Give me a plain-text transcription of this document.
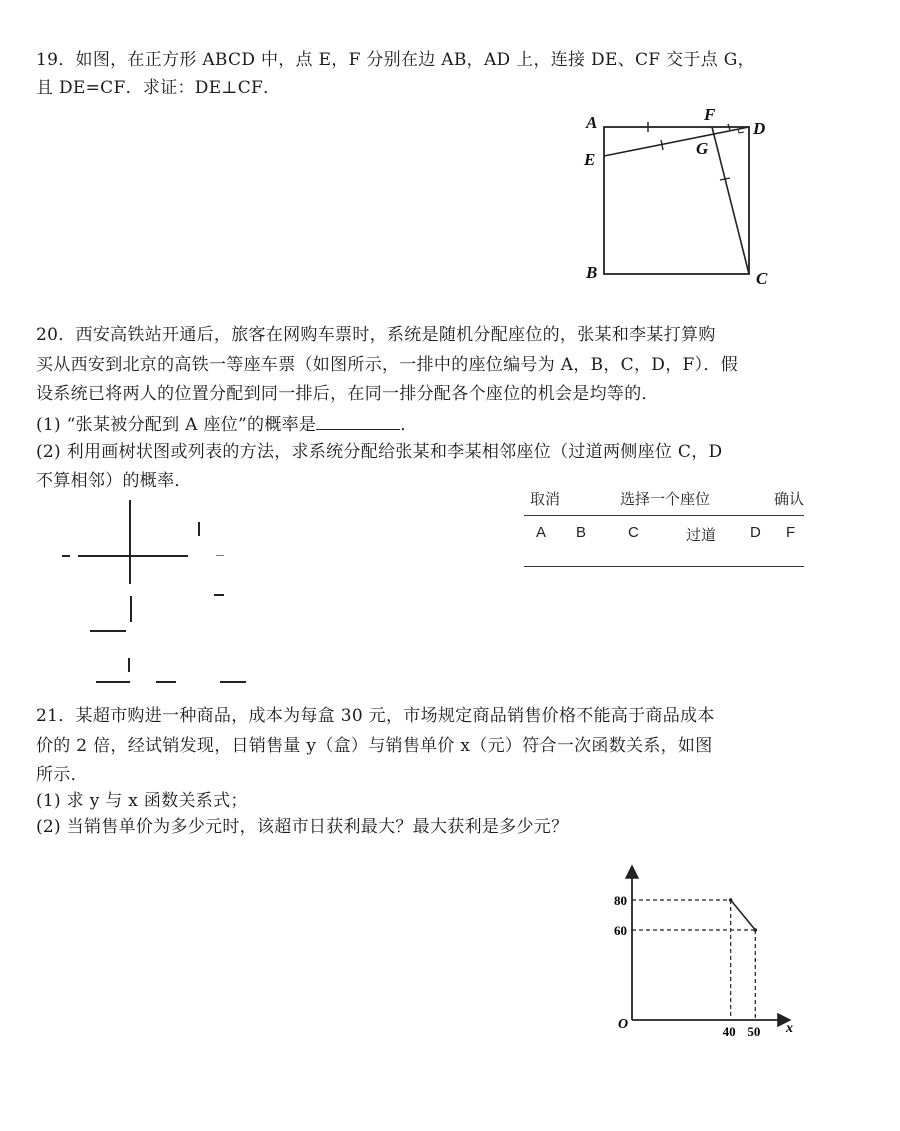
19．如图，在正方形 ABCD 中，点 E，F 分别在边 AB，AD 上，连接 DE、CF 交于点 G，
且 DE=CF．求证：DE⊥CF．
A	F
D
E
G
B	C
20．西安高铁站开通后，旅客在网购车票时，系统是随机分配座位的，张某和李某打算购
买从西安到北京的高铁一等座车票（如图所示，一排中的座位编号为 A，B，C，D，F）．假
设系统已将两人的位置分配到同一排后，在同一排分配各个座位的机会是均等的．
(1) “张某被分配到 A 座位”的概率是	．
(2) 利用画树状图或列表的方法，求系统分配给张某和李某相邻座位（过道两侧座位 C，D
不算相邻）的概率．
取消	选择一个座位	确认
A B	C	过道 D F
21．某超市购进一种商品，成本为每盒 30 元，市场规定商品销售价格不能高于商品成本
价的 2 倍，经试销发现，日销售量 y（盒）与销售单价 x（元）符合一次函数关系，如图
所示．
(1) 求 y 与 x 函数关系式；
(2) 当销售单价为多少元时，该超市日获利最大？最大获利是多少元？
O	x
40
80
50
60
